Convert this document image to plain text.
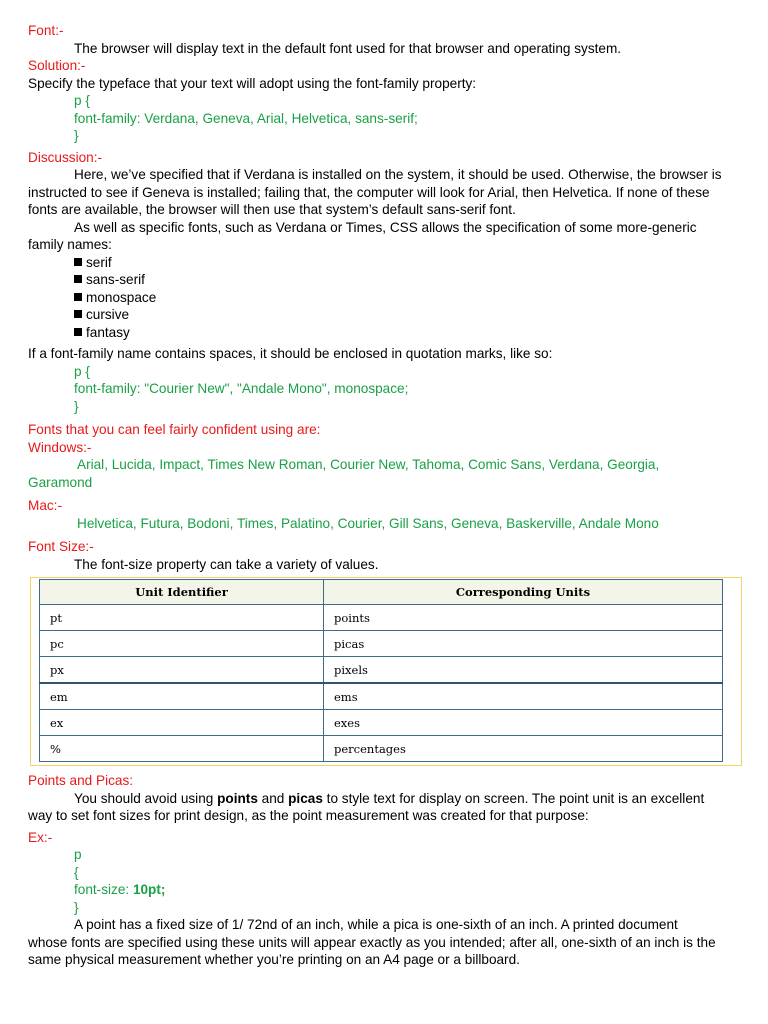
Font:-
The browser will display text in the default font used for that browser and operating system.
Solution:-
Specify the typeface that your text will adopt using the font-family property:
p {
font-family: Verdana, Geneva, Arial, Helvetica, sans-serif;
}
Discussion:-
Here, we’ve specified that if Verdana is installed on the system, it should be used. Otherwise, the browser is
instructed to see if Geneva is installed; failing that, the computer will look for Arial, then Helvetica. If none of these
fonts are available, the browser will then use that system’s default sans-serif font.
As well as specific fonts, such as Verdana or Times, CSS allows the specification of some more-generic
family names:
serif
sans-serif
monospace
cursive
fantasy
If a font-family name contains spaces, it should be enclosed in quotation marks, like so:
p {
font-family: "Courier New", "Andale Mono", monospace;
}
Fonts that you can feel fairly confident using are:
Windows:-
Arial, Lucida, Impact, Times New Roman, Courier New, Tahoma, Comic Sans, Verdana, Georgia,
Garamond
Mac:-
Helvetica, Futura, Bodoni, Times, Palatino, Courier, Gill Sans, Geneva, Baskerville, Andale Mono
Font Size:-
The font-size property can take a variety of values.
Unit Identifier	Corresponding Units
pt	points
pc	picas
px	pixels
em	ems
ex	exes
%	percentages
Points and Picas:
You should avoid using points and picas to style text for display on screen. The point unit is an excellent
way to set font sizes for print design, as the point measurement was created for that purpose:
Ex:-
p
{
font-size: 10pt;
}
A point has a fixed size of 1/ 72nd of an inch, while a pica is one-sixth of an inch. A printed document
whose fonts are specified using these units will appear exactly as you intended; after all, one-sixth of an inch is the
same physical measurement whether you’re printing on an A4 page or a billboard.
